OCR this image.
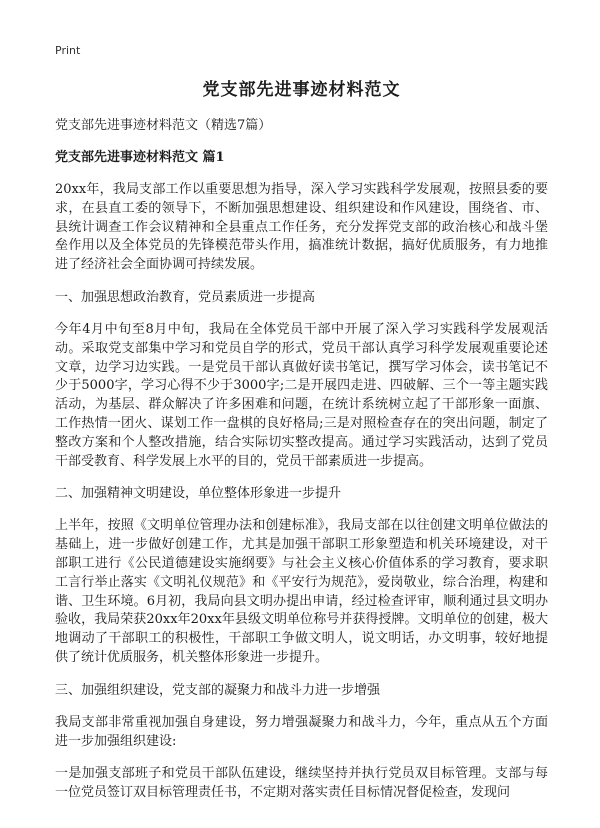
Print
党支部先进事迹材料范文

党支部先进事迹材料范文（精选7篇）

党支部先进事迹材料范文 篇1

20xx年，我局支部工作以重要思想为指导，深入学习实践科学发展观，按照县委的要求，在县直工委的领导下，不断加强思想建设、组织建设和作风建设，围绕省、市、县统计调查工作会议精神和全县重点工作任务，充分发挥党支部的政治核心和战斗堡垒作用以及全体党员的先锋模范带头作用，搞准统计数据，搞好优质服务，有力地推进了经济社会全面协调可持续发展。

一、加强思想政治教育，党员素质进一步提高

今年4月中旬至8月中旬，我局在全体党员干部中开展了深入学习实践科学发展观活动。采取党支部集中学习和党员自学的形式，党员干部认真学习科学发展观重要论述文章，边学习边实践。一是党员干部认真做好读书笔记，撰写学习体会，读书笔记不少于5000字，学习心得不少于3000字;二是开展四走进、四破解、三个一等主题实践活动，为基层、群众解决了许多困难和问题，在统计系统树立起了干部形象一面旗、工作热情一团火、谋划工作一盘棋的良好格局;三是对照检查存在的突出问题，制定了整改方案和个人整改措施，结合实际切实整改提高。通过学习实践活动，达到了党员干部受教育、科学发展上水平的目的，党员干部素质进一步提高。

二、加强精神文明建设，单位整体形象进一步提升

上半年，按照《文明单位管理办法和创建标准》，我局支部在以往创建文明单位做法的基础上，进一步做好创建工作，尤其是加强干部职工形象塑造和机关环境建设，对干部职工进行《公民道德建设实施纲要》与社会主义核心价值体系的学习教育，要求职工言行举止落实《文明礼仪规范》和《平安行为规范》，爱岗敬业，综合治理，构建和谐、卫生环境。6月初，我局向县文明办提出申请，经过检查评审，顺利通过县文明办验收，我局荣获20xx年20xx年县级文明单位称号并获得授牌。文明单位的创建，极大地调动了干部职工的积极性，干部职工争做文明人，说文明话，办文明事，较好地提供了统计优质服务，机关整体形象进一步提升。

三、加强组织建设，党支部的凝聚力和战斗力进一步增强

我局支部非常重视加强自身建设，努力增强凝聚力和战斗力，今年，重点从五个方面进一步加强组织建设:

一是加强支部班子和党员干部队伍建设，继续坚持并执行党员双目标管理。支部与每一位党员签订双目标管理责任书，不定期对落实责任目标情况督促检查，发现问
